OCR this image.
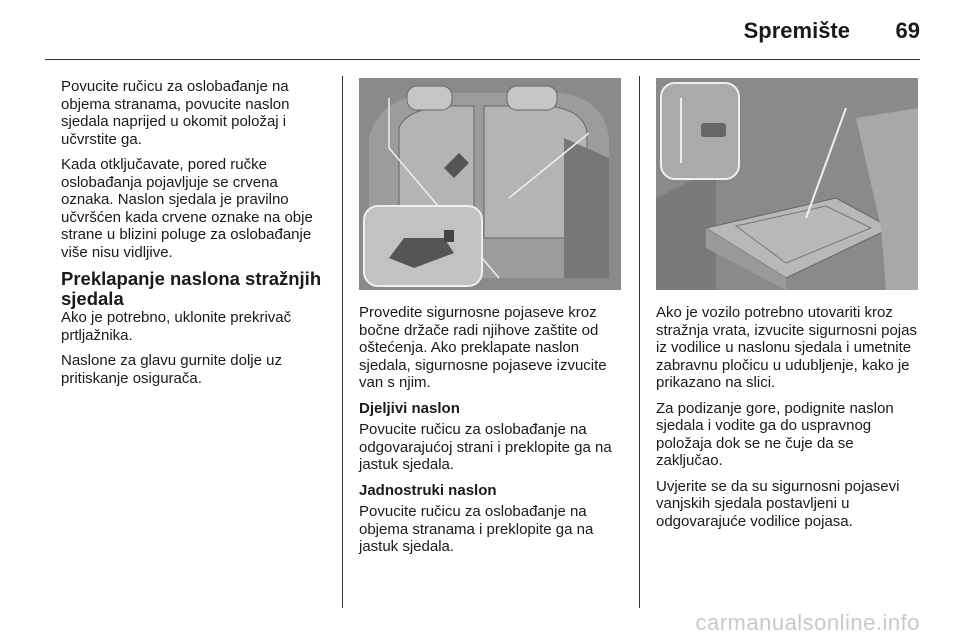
Spremište 69

Povucite ručicu za oslobađanje na objema stranama, povucite naslon sjedala naprijed u okomit položaj i učvrstite ga.

Kada otključavate, pored ručke oslobađanja pojavljuje se crvena oznaka. Naslon sjedala je pravilno učvršćen kada crvene oznake na obje strane u blizini poluge za oslobađanje više nisu vidljive.

Preklapanje naslona stražnjih sjedala

Ako je potrebno, uklonite prekrivač prtljažnika.

Naslone za glavu gurnite dolje uz pritiskanje osigurača.

Provedite sigurnosne pojaseve kroz bočne držače radi njihove zaštite od oštećenja. Ako preklapate naslon sjedala, sigurnosne pojaseve izvucite van s njim.

Djeljivi naslon

Povucite ručicu za oslobađanje na odgovarajućoj strani i preklopite ga na jastuk sjedala.

Jadnostruki naslon

Povucite ručicu za oslobađanje na objema stranama i preklopite ga na jastuk sjedala.

Ako je vozilo potrebno utovariti kroz stražnja vrata, izvucite sigurnosni pojas iz vodilice u naslonu sjedala i umetnite zabravnu pločicu u udubljenje, kako je prikazano na slici.

Za podizanje gore, podignite naslon sjedala i vodite ga do uspravnog položaja dok se ne čuje da se zaključao.

Uvjerite se da su sigurnosni pojasevi vanjskih sjedala postavljeni u odgovarajuće vodilice pojasa.

carmanualsonline.info
